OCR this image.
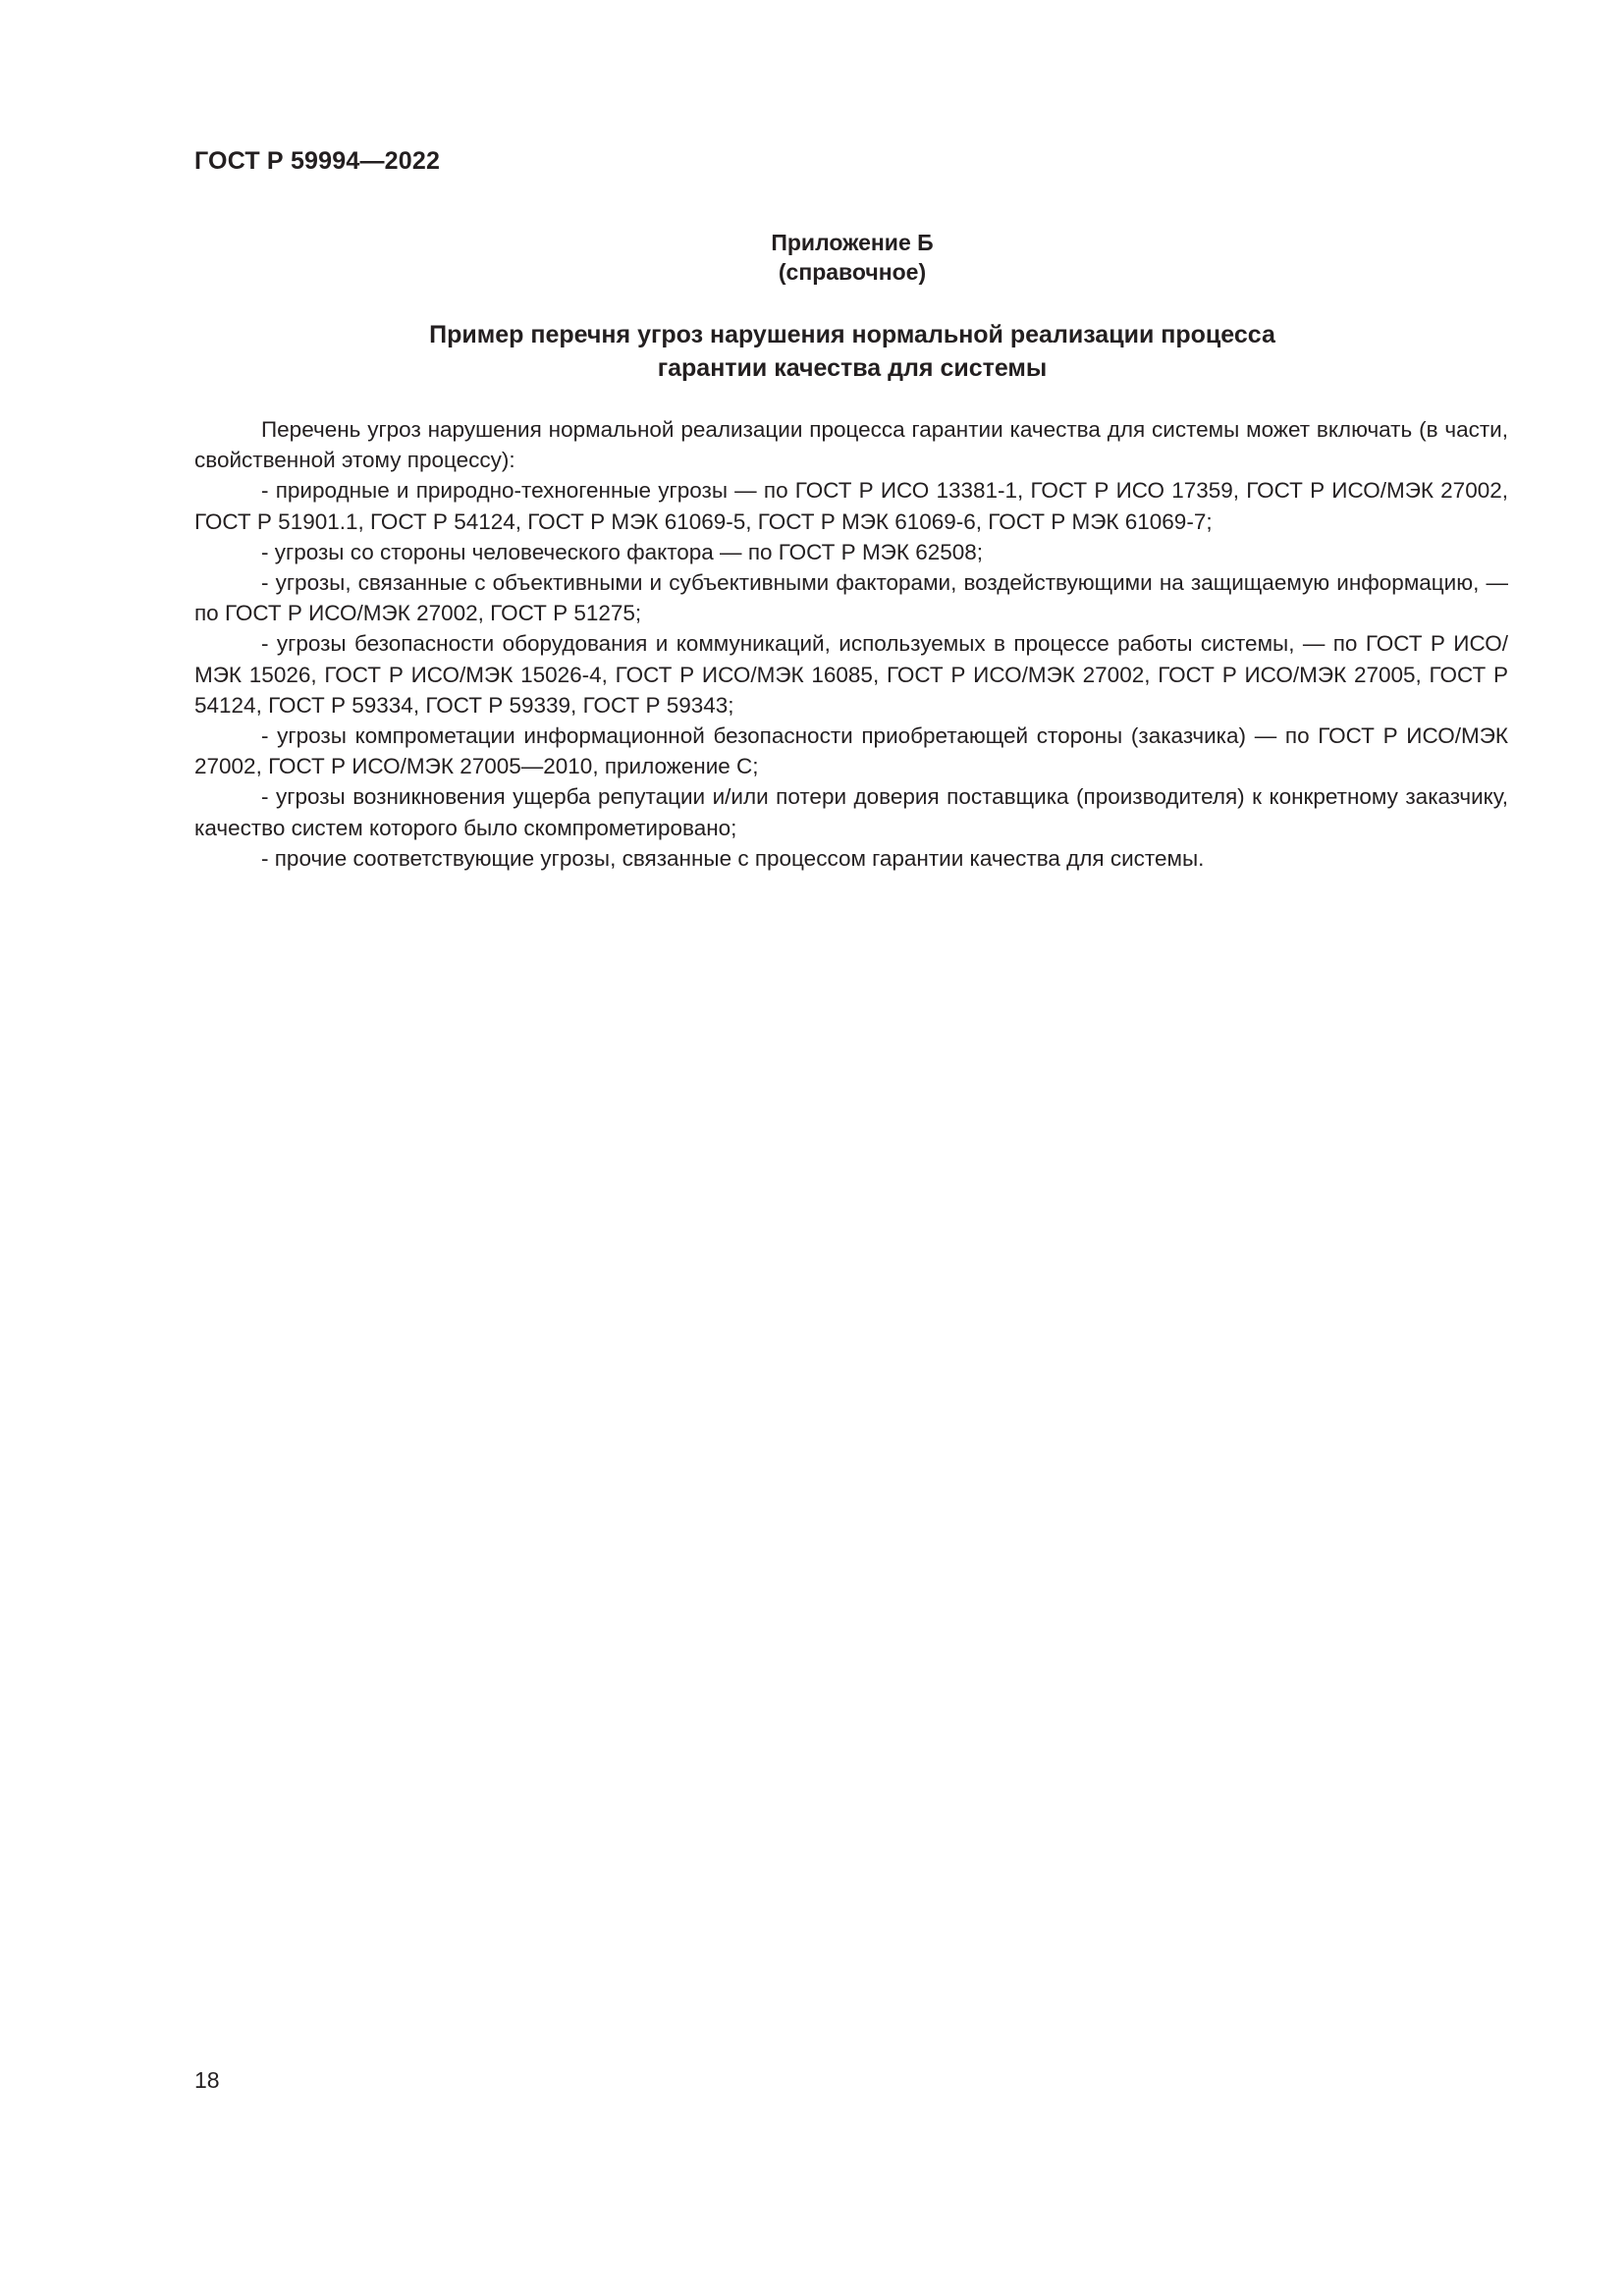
ГОСТ Р 59994—2022
Приложение Б
(справочное)
Пример перечня угроз нарушения нормальной реализации процесса
гарантии качества для системы

Перечень угроз нарушения нормальной реализации процесса гарантии качества для системы может включать (в части, свойственной этому процессу):

- природные и природно-техногенные угрозы — по ГОСТ Р ИСО 13381-1, ГОСТ Р ИСО 17359, ГОСТ Р ИСО/МЭК 27002, ГОСТ Р 51901.1, ГОСТ Р 54124, ГОСТ Р МЭК 61069-5, ГОСТ Р МЭК 61069-6, ГОСТ Р МЭК 61069-7;

- угрозы со стороны человеческого фактора — по ГОСТ Р МЭК 62508;

- угрозы, связанные с объективными и субъективными факторами, воздействующими на защищаемую информацию, — по ГОСТ Р ИСО/МЭК 27002, ГОСТ Р 51275;

- угрозы безопасности оборудования и коммуникаций, используемых в процессе работы системы, — по ГОСТ Р ИСО/МЭК 15026, ГОСТ Р ИСО/МЭК 15026-4, ГОСТ Р ИСО/МЭК 16085, ГОСТ Р ИСО/МЭК 27002, ГОСТ Р ИСО/МЭК 27005, ГОСТ Р 54124, ГОСТ Р 59334, ГОСТ Р 59339, ГОСТ Р 59343;

- угрозы компрометации информационной безопасности приобретающей стороны (заказчика) — по ГОСТ Р ИСО/МЭК 27002, ГОСТ Р ИСО/МЭК 27005—2010, приложение С;

- угрозы возникновения ущерба репутации и/или потери доверия поставщика (производителя) к конкретному заказчику, качество систем которого было скомпрометировано;

- прочие соответствующие угрозы, связанные с процессом гарантии качества для системы.

18
